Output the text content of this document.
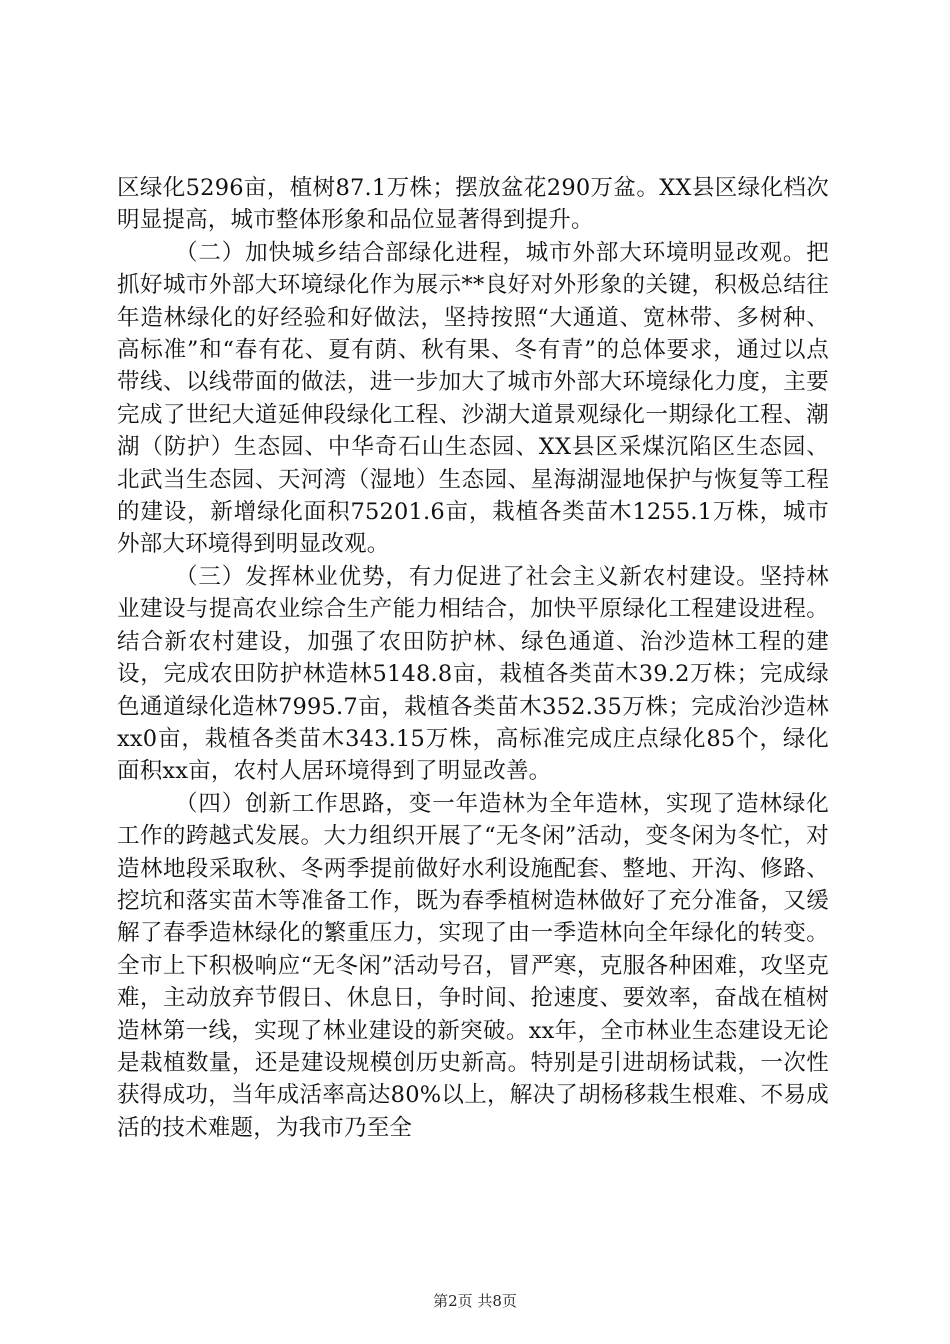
区绿化5296亩，植树87.1万株；摆放盆花290万盆。XX县区绿化档次明显提高，城市整体形象和品位显著得到提升。

（二）加快城乡结合部绿化进程，城市外部大环境明显改观。把抓好城市外部大环境绿化作为展示**良好对外形象的关键，积极总结往年造林绿化的好经验和好做法，坚持按照“大通道、宽林带、多树种、高标准”和“春有花、夏有荫、秋有果、冬有青”的总体要求，通过以点带线、以线带面的做法，进一步加大了城市外部大环境绿化力度，主要完成了世纪大道延伸段绿化工程、沙湖大道景观绿化一期绿化工程、潮湖（防护）生态园、中华奇石山生态园、XX县区采煤沉陷区生态园、北武当生态园、天河湾（湿地）生态园、星海湖湿地保护与恢复等工程的建设，新增绿化面积75201.6亩，栽植各类苗木1255.1万株，城市外部大环境得到明显改观。

（三）发挥林业优势，有力促进了社会主义新农村建设。坚持林业建设与提高农业综合生产能力相结合，加快平原绿化工程建设进程。结合新农村建设，加强了农田防护林、绿色通道、治沙造林工程的建设，完成农田防护林造林5148.8亩，栽植各类苗木39.2万株；完成绿色通道绿化造林7995.7亩，栽植各类苗木352.35万株；完成治沙造林xx0亩，栽植各类苗木343.15万株，高标准完成庄点绿化85个，绿化面积xx亩，农村人居环境得到了明显改善。

（四）创新工作思路，变一年造林为全年造林，实现了造林绿化工作的跨越式发展。大力组织开展了“无冬闲”活动，变冬闲为冬忙，对造林地段采取秋、冬两季提前做好水利设施配套、整地、开沟、修路、挖坑和落实苗木等准备工作，既为春季植树造林做好了充分准备，又缓解了春季造林绿化的繁重压力，实现了由一季造林向全年绿化的转变。全市上下积极响应“无冬闲”活动号召，冒严寒，克服各种困难，攻坚克难，主动放弃节假日、休息日，争时间、抢速度、要效率，奋战在植树造林第一线，实现了林业建设的新突破。xx年，全市林业生态建设无论是栽植数量，还是建设规模创历史新高。特别是引进胡杨试栽，一次性获得成功，当年成活率高达80%以上，解决了胡杨移栽生根难、不易成活的技术难题，为我市乃至全

第2页 共8页
